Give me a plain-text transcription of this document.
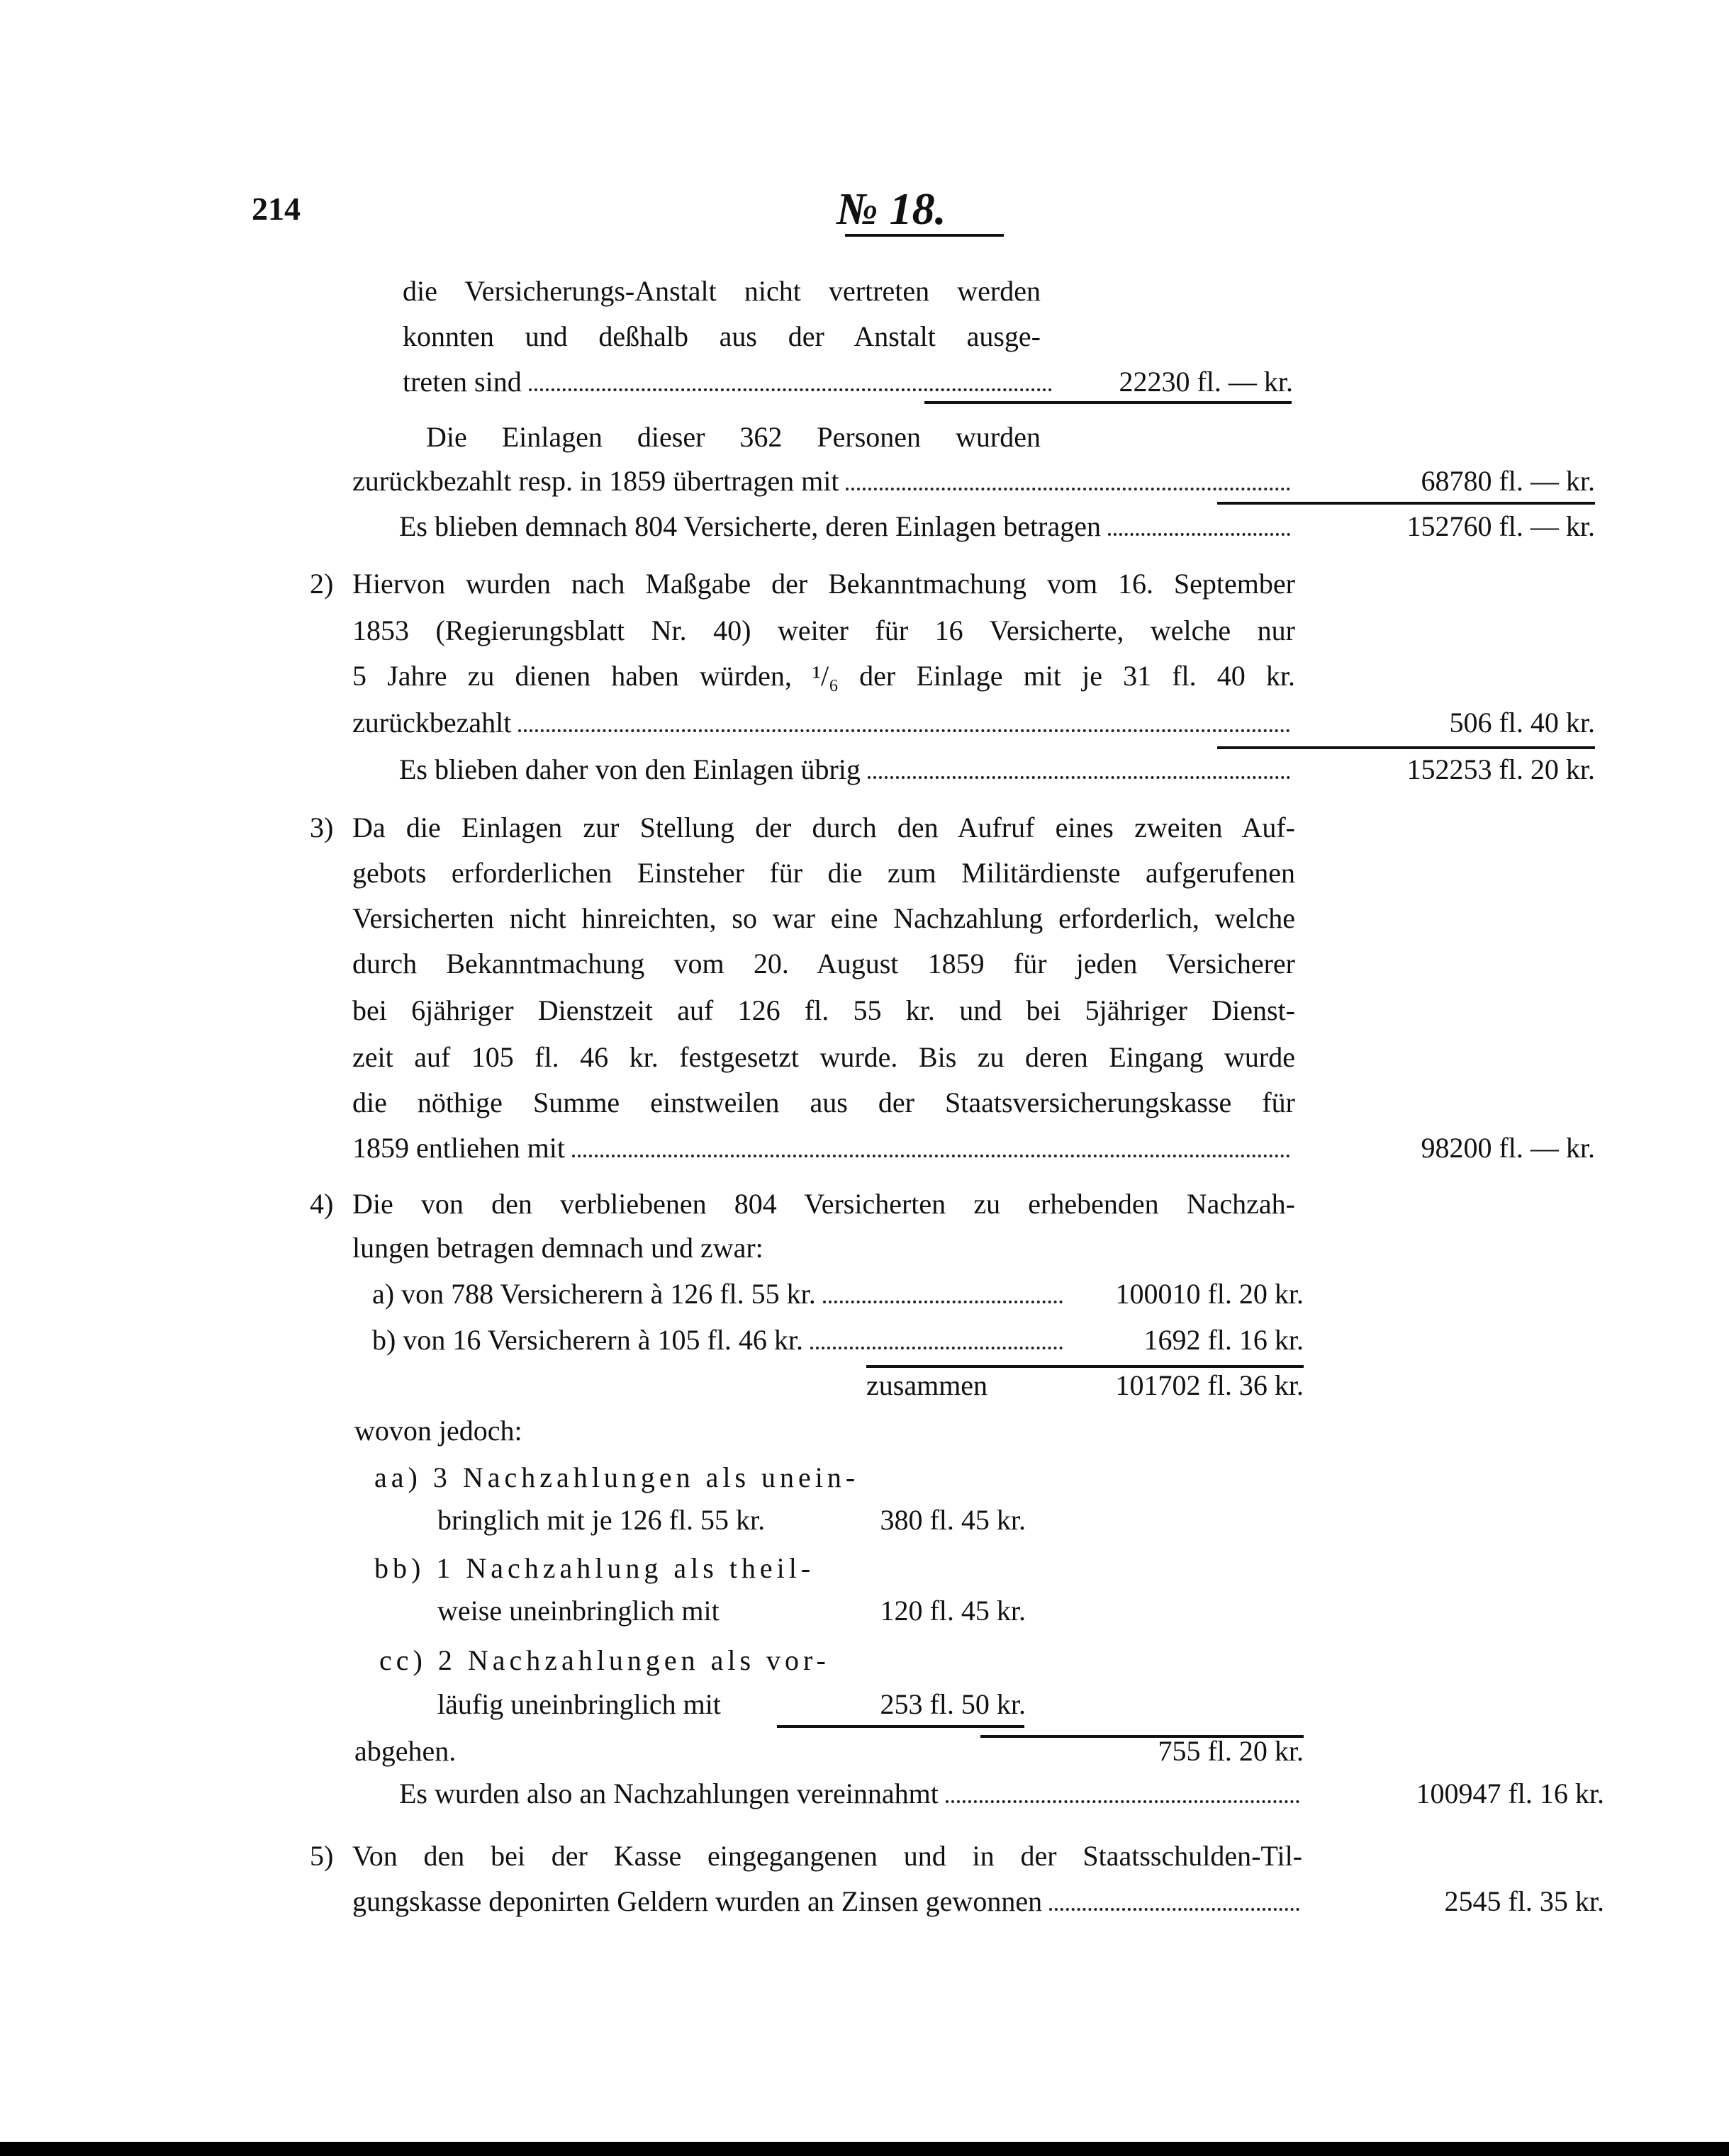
214	№ 18.
die Versicherungs-Anstalt nicht vertreten werden
konnten und deßhalb aus der Anstalt ausge-
treten sind	22230 fl. — kr.
Die Einlagen dieser 362 Personen wurden
zurückbezahlt resp. in 1859 übertragen mit	68780 fl. — kr.
Es blieben demnach 804 Versicherte, deren Einlagen betragen	152760 fl. — kr.
2) Hiervon wurden nach Maßgabe der Bekanntmachung vom 16. September
1853 (Regierungsblatt Nr. 40) weiter für 16 Versicherte, welche nur
5 Jahre zu dienen haben würden, ¹/₆ der Einlage mit je 31 fl. 40 kr.
zurückbezahlt	506 fl. 40 kr.
Es blieben daher von den Einlagen übrig	152253 fl. 20 kr.
3) Da die Einlagen zur Stellung der durch den Aufruf eines zweiten Auf-
gebots erforderlichen Einsteher für die zum Militärdienste aufgerufenen
Versicherten nicht hinreichten, so war eine Nachzahlung erforderlich, welche
durch Bekanntmachung vom 20. August 1859 für jeden Versicherer
bei 6jähriger Dienstzeit auf 126 fl. 55 kr. und bei 5jähriger Dienst-
zeit auf 105 fl. 46 kr. festgesetzt wurde. Bis zu deren Eingang wurde
die nöthige Summe einstweilen aus der Staatsversicherungskasse für
1859 entliehen mit	98200 fl. — kr.
4) Die von den verbliebenen 804 Versicherten zu erhebenden Nachzah-
lungen betragen demnach und zwar:
a) von 788 Versicherern à 126 fl. 55 kr.	100010 fl. 20 kr.
b) von 16 Versicherern à 105 fl. 46 kr.	1692 fl. 16 kr.
zusammen	101702 fl. 36 kr.
wovon jedoch:
aa) 3 Nachzahlungen als unein-
bringlich mit je 126 fl. 55 kr.	380 fl. 45 kr.
bb) 1 Nachzahlung als theil-
weise uneinbringlich mit	120 fl. 45 kr.
cc) 2 Nachzahlungen als vor-
läufig uneinbringlich mit	253 fl. 50 kr.
abgehen.	755 fl. 20 kr.
Es wurden also an Nachzahlungen vereinnahmt	100947 fl. 16 kr.
5) Von den bei der Kasse eingegangenen und in der Staatsschulden-Til-
gungskasse deponirten Geldern wurden an Zinsen gewonnen	2545 fl. 35 kr.
